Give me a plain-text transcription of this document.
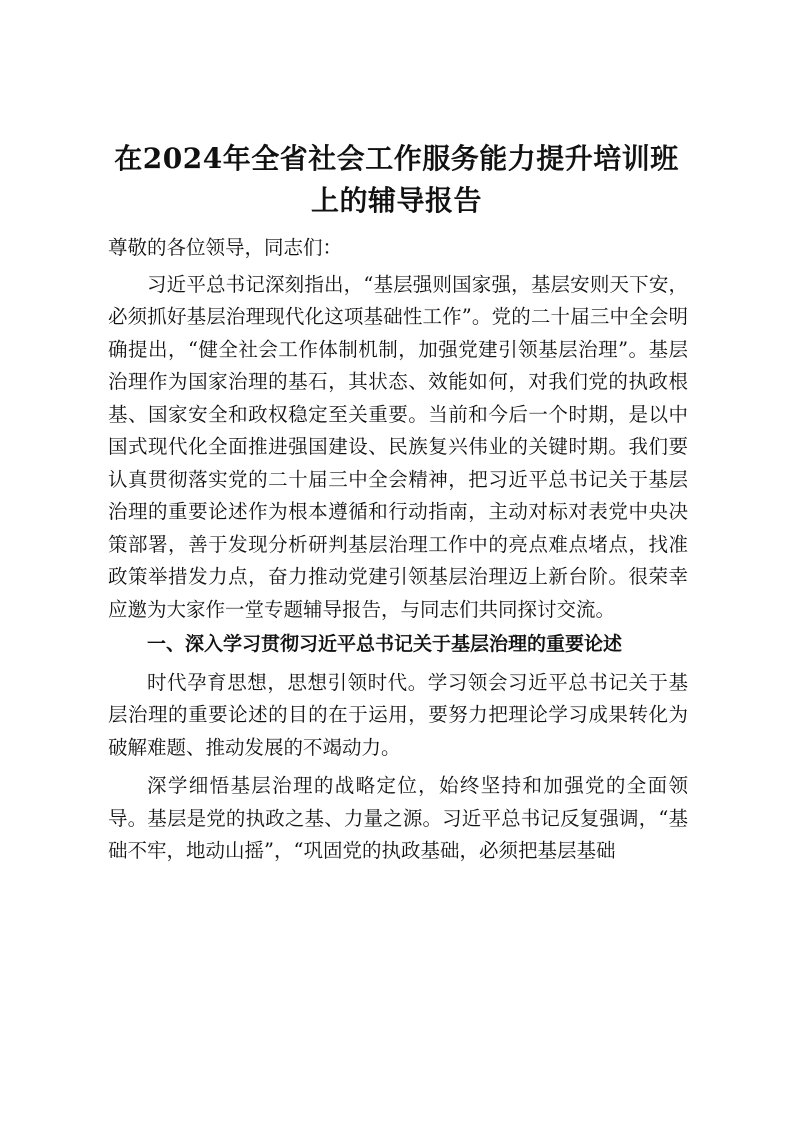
在2024年全省社会工作服务能力提升培训班
上的辅导报告

尊敬的各位领导，同志们：

习近平总书记深刻指出，“基层强则国家强，基层安则天下安，必须抓好基层治理现代化这项基础性工作”。党的二十届三中全会明确提出，“健全社会工作体制机制，加强党建引领基层治理”。基层治理作为国家治理的基石，其状态、效能如何，对我们党的执政根基、国家安全和政权稳定至关重要。当前和今后一个时期，是以中国式现代化全面推进强国建设、民族复兴伟业的关键时期。我们要认真贯彻落实党的二十届三中全会精神，把习近平总书记关于基层治理的重要论述作为根本遵循和行动指南，主动对标对表党中央决策部署，善于发现分析研判基层治理工作中的亮点难点堵点，找准政策举措发力点，奋力推动党建引领基层治理迈上新台阶。很荣幸应邀为大家作一堂专题辅导报告，与同志们共同探讨交流。

一、深入学习贯彻习近平总书记关于基层治理的重要论述

时代孕育思想，思想引领时代。学习领会习近平总书记关于基层治理的重要论述的目的在于运用，要努力把理论学习成果转化为破解难题、推动发展的不竭动力。

深学细悟基层治理的战略定位，始终坚持和加强党的全面领导。基层是党的执政之基、力量之源。习近平总书记反复强调，“基础不牢，地动山摇”，“巩固党的执政基础，必须把基层基础
